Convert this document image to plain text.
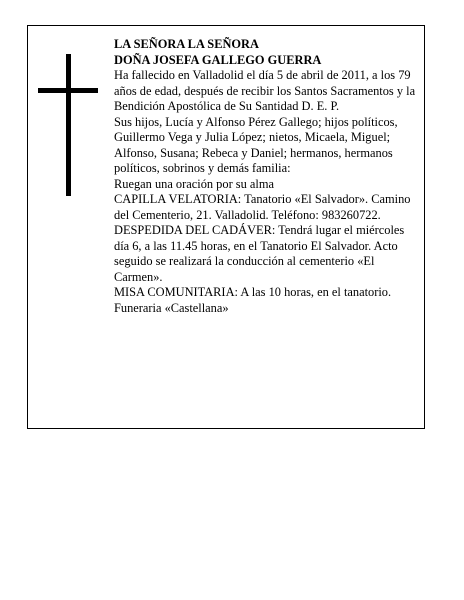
LA SEÑORA LA SEÑORA

DOÑA JOSEFA GALLEGO GUERRA

Ha fallecido en Valladolid el día 5 de abril de 2011, a los 79 años de edad, después de recibir los Santos Sacramentos y la Bendición Apostólica de Su Santidad D. E. P.

Sus hijos, Lucía y Alfonso Pérez Gallego; hijos políticos, Guillermo Vega y Julia López; nietos, Micaela, Miguel; Alfonso, Susana; Rebeca y Daniel; hermanos, hermanos políticos, sobrinos y demás familia:

Ruegan una oración por su alma

CAPILLA VELATORIA: Tanatorio «El Salvador». Camino del Cementerio, 21. Valladolid. Teléfono: 983260722.

DESPEDIDA DEL CADÁVER: Tendrá lugar el miércoles día 6, a las 11.45 horas, en el Tanatorio El Salvador. Acto seguido se realizará la conducción al cementerio «El Carmen».

MISA COMUNITARIA: A las 10 horas, en el tanatorio.

Funeraria «Castellana»
